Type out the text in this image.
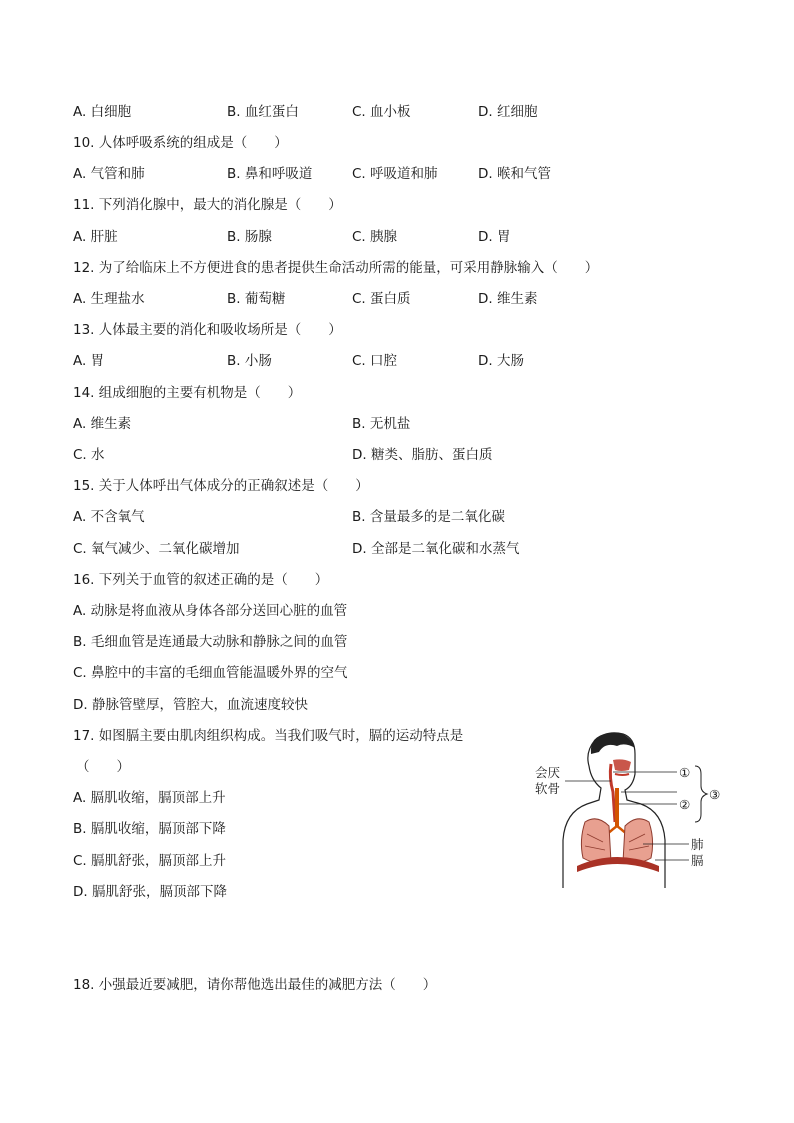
A. 白细胞	B. 血红蛋白	C. 血小板	D. 红细胞
10. 人体呼吸系统的组成是（　　）
A. 气管和肺	B. 鼻和呼吸道	C. 呼吸道和肺	D. 喉和气管
11. 下列消化腺中，最大的消化腺是（　　）
A. 肝脏	B. 肠腺	C. 胰腺	D. 胃
12. 为了给临床上不方便进食的患者提供生命活动所需的能量，可采用静脉输入（　　）
A. 生理盐水	B. 葡萄糖	C. 蛋白质	D. 维生素
13. 人体最主要的消化和吸收场所是（　　）
A. 胃	B. 小肠	C. 口腔	D. 大肠
14. 组成细胞的主要有机物是（　　）
A. 维生素	B. 无机盐
C. 水	D. 糖类、脂肪、蛋白质
15. 关于人体呼出气体成分的正确叙述是（　　）
A. 不含氧气	B. 含量最多的是二氧化碳
C. 氧气减少、二氧化碳增加	D. 全部是二氧化碳和水蒸气
16. 下列关于血管的叙述正确的是（　　）
A. 动脉是将血液从身体各部分送回心脏的血管
B. 毛细血管是连通最大动脉和静脉之间的血管
C. 鼻腔中的丰富的毛细血管能温暖外界的空气
D. 静脉管壁厚，管腔大，血流速度较快
17. 如图膈主要由肌肉组织构成。当我们吸气时，膈的运动特点是
（　　）
A. 膈肌收缩，膈顶部上升
B. 膈肌收缩，膈顶部下降
C. 膈肌舒张，膈顶部上升
D. 膈肌舒张，膈顶部下降
会厌
软骨
①
②
③
肺
膈
18. 小强最近要减肥，请你帮他选出最佳的减肥方法（　　）
